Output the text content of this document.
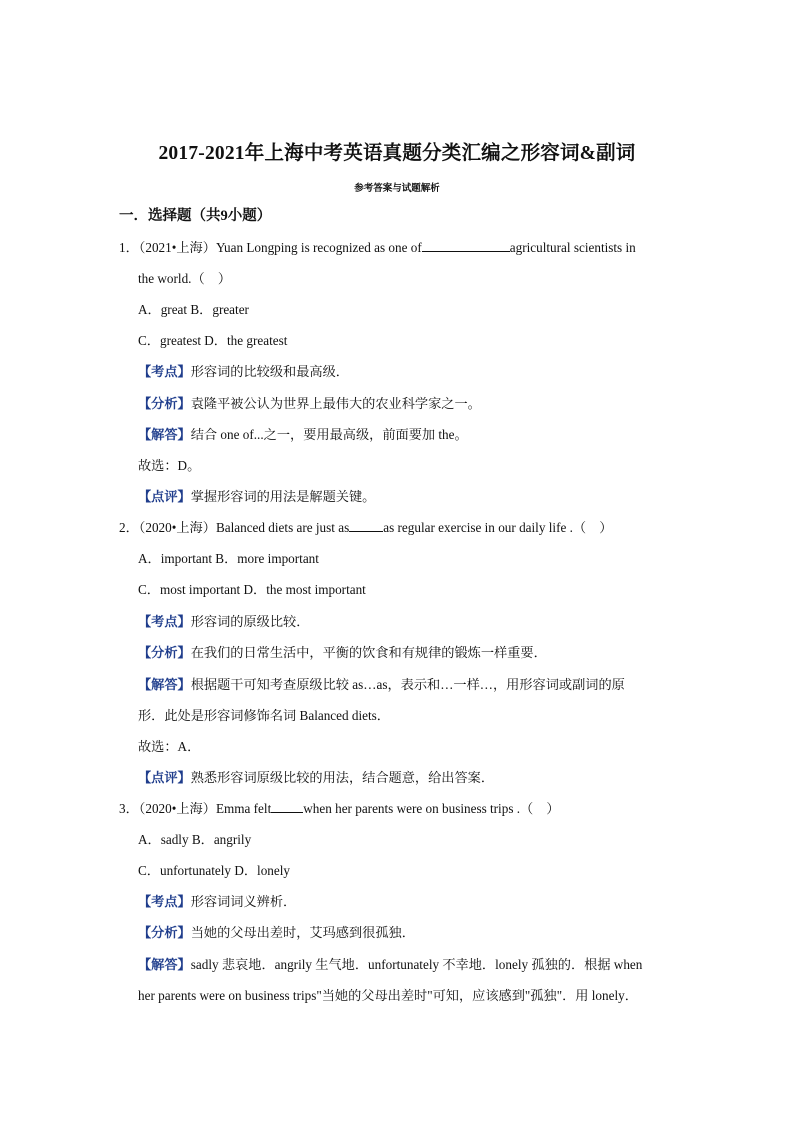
2017-2021年上海中考英语真题分类汇编之形容词&副词
参考答案与试题解析
一．选择题（共9小题）
1．（2021•上海）Yuan Longping is recognized as one of	agricultural scientists in
the world.（　）
A．great B．greater
C．greatest D．the greatest
【考点】形容词的比较级和最高级．
【分析】袁隆平被公认为世界上最伟大的农业科学家之一。
【解答】结合 one of...之一，要用最高级，前面要加 the。
故选：D。
【点评】掌握形容词的用法是解题关键。
2．（2020•上海）Balanced diets are just as	as regular exercise in our daily life .（　）
A．important B．more important
C．most important D．the most important
【考点】形容词的原级比较．
【分析】在我们的日常生活中，平衡的饮食和有规律的锻炼一样重要．
【解答】根据题干可知考查原级比较 as…as，表示和…一样…，用形容词或副词的原
形．此处是形容词修饰名词 Balanced diets．
故选：A．
【点评】熟悉形容词原级比较的用法，结合题意，给出答案．
3．（2020•上海）Emma felt when her parents were on business trips .（　）
A．sadly B．angrily
C．unfortunately D．lonely
【考点】形容词词义辨析．
【分析】当她的父母出差时，艾玛感到很孤独．
【解答】sadly 悲哀地．angrily 生气地．unfortunately 不幸地．lonely 孤独的．根据 when
her parents were on business trips"当她的父母出差时"可知，应该感到"孤独"．用 lonely．
